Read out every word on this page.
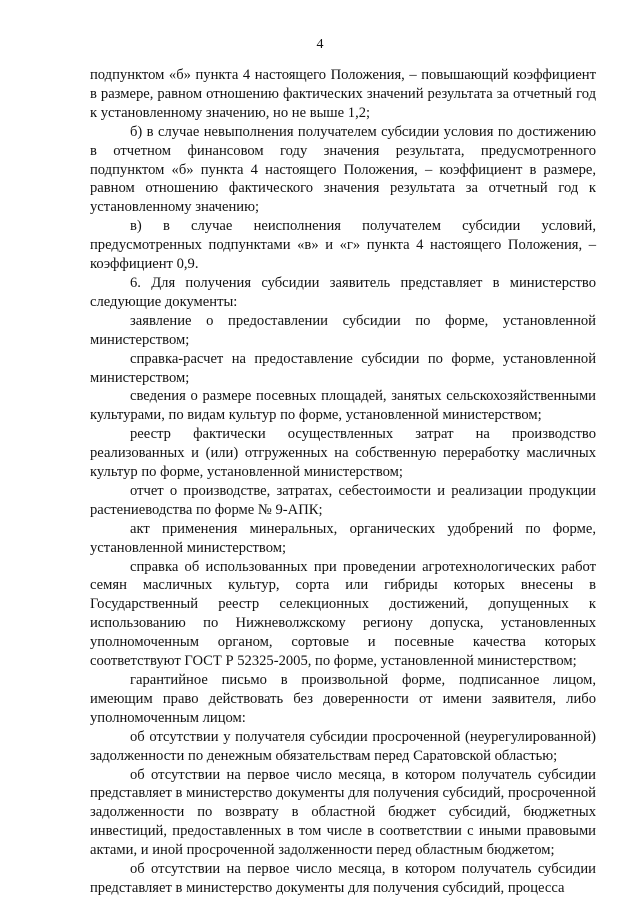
4

подпунктом «б» пункта 4 настоящего Положения, – повышающий коэффициент в размере, равном отношению фактических значений результата за отчетный год к установленному значению, но не выше 1,2;

б) в случае невыполнения получателем субсидии условия по достижению в отчетном финансовом году значения результата, предусмотренного подпунктом «б» пункта 4 настоящего Положения, – коэффициент в размере, равном отношению фактического значения результата за отчетный год к установленному значению;

в) в случае неисполнения получателем субсидии условий, предусмотренных подпунктами «в» и «г» пункта 4 настоящего Положения, – коэффициент 0,9.

6. Для получения субсидии заявитель представляет в министерство следующие документы:

заявление о предоставлении субсидии по форме, установленной министерством;

справка-расчет на предоставление субсидии по форме, установленной министерством;

сведения о размере посевных площадей, занятых сельскохозяйственными культурами, по видам культур по форме, установленной министерством;

реестр фактически осуществленных затрат на производство реализованных и (или) отгруженных на собственную переработку масличных культур по форме, установленной министерством;

отчет о производстве, затратах, себестоимости и реализации продукции растениеводства по форме № 9-АПК;

акт применения минеральных, органических удобрений по форме, установленной министерством;

справка об использованных при проведении агротехнологических работ семян масличных культур, сорта или гибриды которых внесены в Государственный реестр селекционных достижений, допущенных к использованию по Нижневолжскому региону допуска, установленных уполномоченным органом, сортовые и посевные качества которых соответствуют ГОСТ Р 52325-2005, по форме, установленной министерством;

гарантийное письмо в произвольной форме, подписанное лицом, имеющим право действовать без доверенности от имени заявителя, либо уполномоченным лицом:

об отсутствии у получателя субсидии просроченной (неурегулированной) задолженности по денежным обязательствам перед Саратовской областью;

об отсутствии на первое число месяца, в котором получатель субсидии представляет в министерство документы для получения субсидий, просроченной задолженности по возврату в областной бюджет субсидий, бюджетных инвестиций, предоставленных в том числе в соответствии с иными правовыми актами, и иной просроченной задолженности перед областным бюджетом;

об отсутствии на первое число месяца, в котором получатель субсидии представляет в министерство документы для получения субсидий, процесса
